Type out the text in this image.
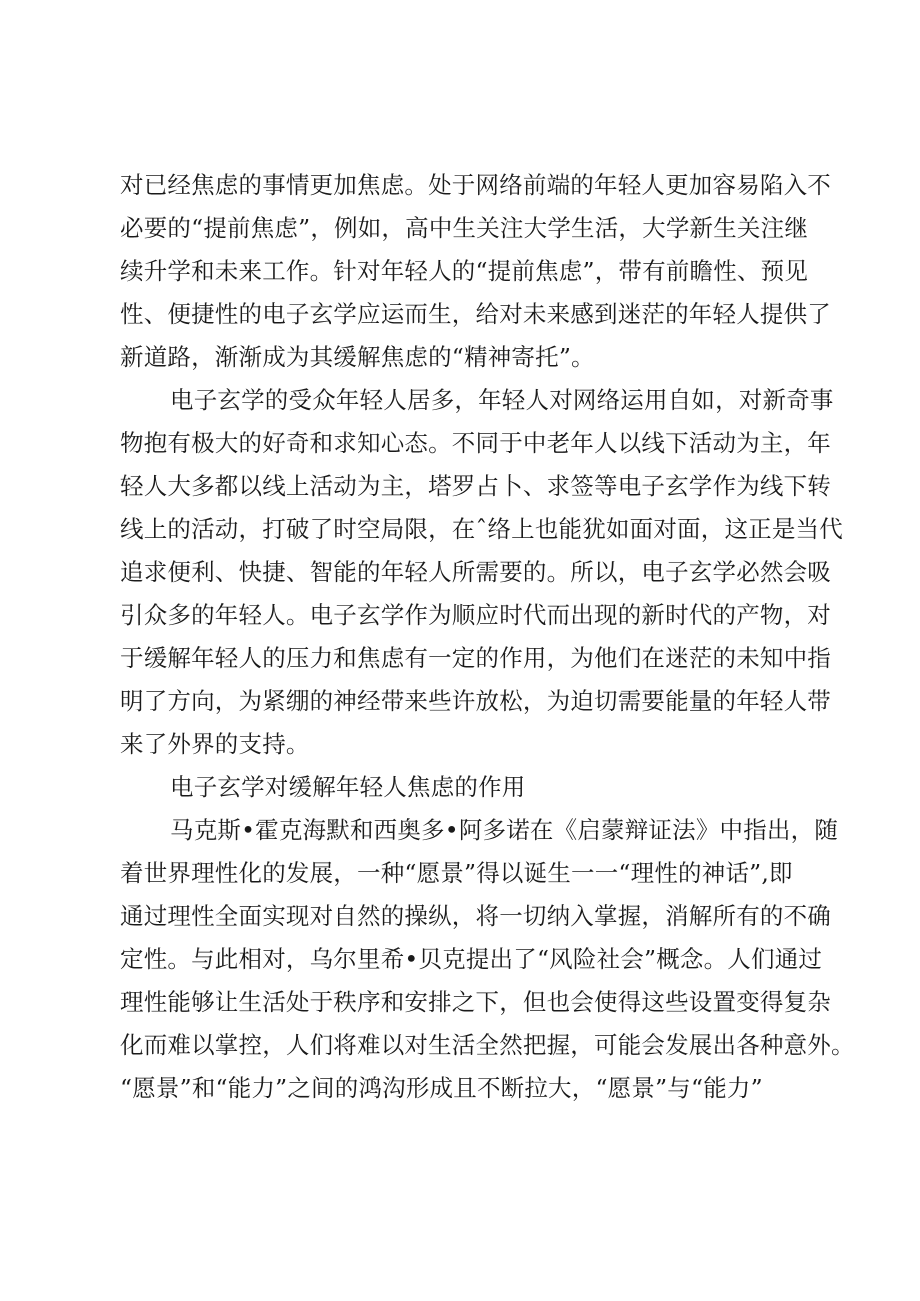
对已经焦虑的事情更加焦虑。处于网络前端的年轻人更加容易陷入不
必要的“提前焦虑”，例如，高中生关注大学生活，大学新生关注继
续升学和未来工作。针对年轻人的“提前焦虑”，带有前瞻性、预见
性、便捷性的电子玄学应运而生，给对未来感到迷茫的年轻人提供了
新道路，渐渐成为其缓解焦虑的“精神寄托”。
电子玄学的受众年轻人居多，年轻人对网络运用自如，对新奇事
物抱有极大的好奇和求知心态。不同于中老年人以线下活动为主，年
轻人大多都以线上活动为主，塔罗占卜、求签等电子玄学作为线下转
线上的活动，打破了时空局限，在ˆ络上也能犹如面对面，这正是当代
追求便利、快捷、智能的年轻人所需要的。所以，电子玄学必然会吸
引众多的年轻人。电子玄学作为顺应时代而出现的新时代的产物，对
于缓解年轻人的压力和焦虑有一定的作用，为他们在迷茫的未知中指
明了方向，为紧绷的神经带来些许放松，为迫切需要能量的年轻人带
来了外界的支持。
电子玄学对缓解年轻人焦虑的作用
马克斯•霍克海默和西奥多•阿多诺在《启蒙辩证法》中指出，随
着世界理性化的发展，一种“愿景”得以诞生一一“理性的神话”,即
通过理性全面实现对自然的操纵，将一切纳入掌握，消解所有的不确
定性。与此相对，乌尔里希•贝克提出了“风险社会”概念。人们通过
理性能够让生活处于秩序和安排之下，但也会使得这些设置变得复杂
化而难以掌控，人们将难以对生活全然把握，可能会发展出各种意外。
“愿景”和“能力”之间的鸿沟形成且不断拉大，“愿景”与“能力”
